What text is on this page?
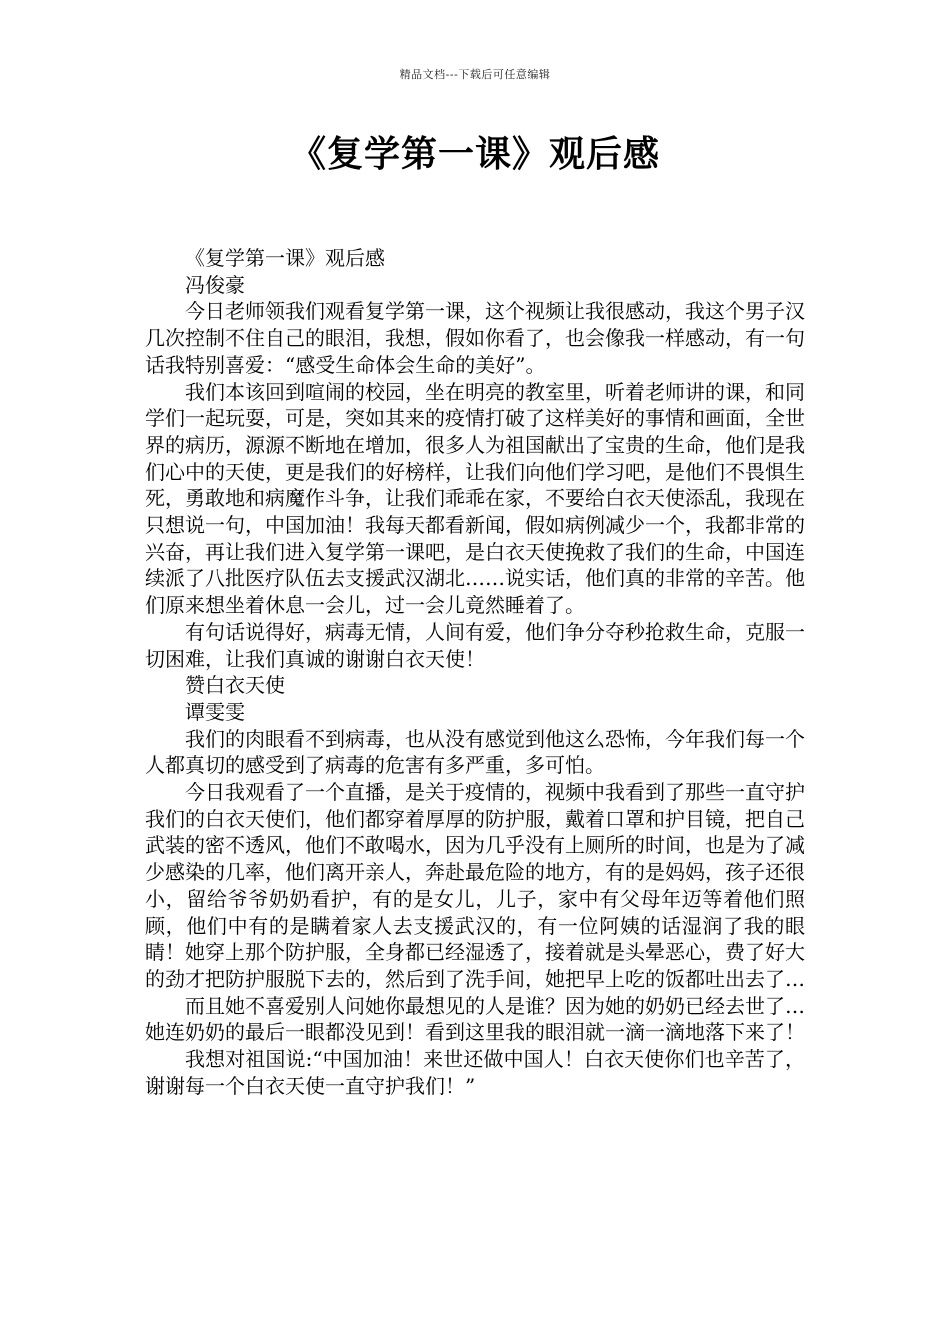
精品文档---下载后可任意编辑
《复学第一课》观后感

《复学第一课》观后感

冯俊豪

今日老师领我们观看复学第一课，这个视频让我很感动，我这个男子汉几次控制不住自己的眼泪，我想，假如你看了，也会像我一样感动，有一句话我特别喜爱：“感受生命体会生命的美好”。

我们本该回到喧闹的校园，坐在明亮的教室里，听着老师讲的课，和同学们一起玩耍，可是，突如其来的疫情打破了这样美好的事情和画面，全世界的病历，源源不断地在增加，很多人为祖国献出了宝贵的生命，他们是我们心中的天使，更是我们的好榜样，让我们向他们学习吧，是他们不畏惧生死，勇敢地和病魔作斗争，让我们乖乖在家，不要给白衣天使添乱，我现在只想说一句，中国加油！我每天都看新闻，假如病例减少一个，我都非常的兴奋，再让我们进入复学第一课吧，是白衣天使挽救了我们的生命，中国连续派了八批医疗队伍去支援武汉湖北……说实话，他们真的非常的辛苦。他们原来想坐着休息一会儿，过一会儿竟然睡着了。

有句话说得好，病毒无情，人间有爱，他们争分夺秒抢救生命，克服一切困难，让我们真诚的谢谢白衣天使！

赞白衣天使

谭雯雯

我们的肉眼看不到病毒，也从没有感觉到他这么恐怖，今年我们每一个人都真切的感受到了病毒的危害有多严重，多可怕。

今日我观看了一个直播，是关于疫情的，视频中我看到了那些一直守护我们的白衣天使们，他们都穿着厚厚的防护服，戴着口罩和护目镜，把自己武装的密不透风，他们不敢喝水，因为几乎没有上厕所的时间，也是为了减少感染的几率，他们离开亲人，奔赴最危险的地方，有的是妈妈，孩子还很小，留给爷爷奶奶看护，有的是女儿，儿子，家中有父母年迈等着他们照顾，他们中有的是瞒着家人去支援武汉的，有一位阿姨的话湿润了我的眼睛！她穿上那个防护服，全身都已经湿透了，接着就是头晕恶心，费了好大的劲才把防护服脱下去的，然后到了洗手间，她把早上吃的饭都吐出去了…

而且她不喜爱别人问她你最想见的人是谁？因为她的奶奶已经去世了…她连奶奶的最后一眼都没见到！看到这里我的眼泪就一滴一滴地落下来了！

我想对祖国说:“中国加油！来世还做中国人！白衣天使你们也辛苦了，谢谢每一个白衣天使一直守护我们！”
